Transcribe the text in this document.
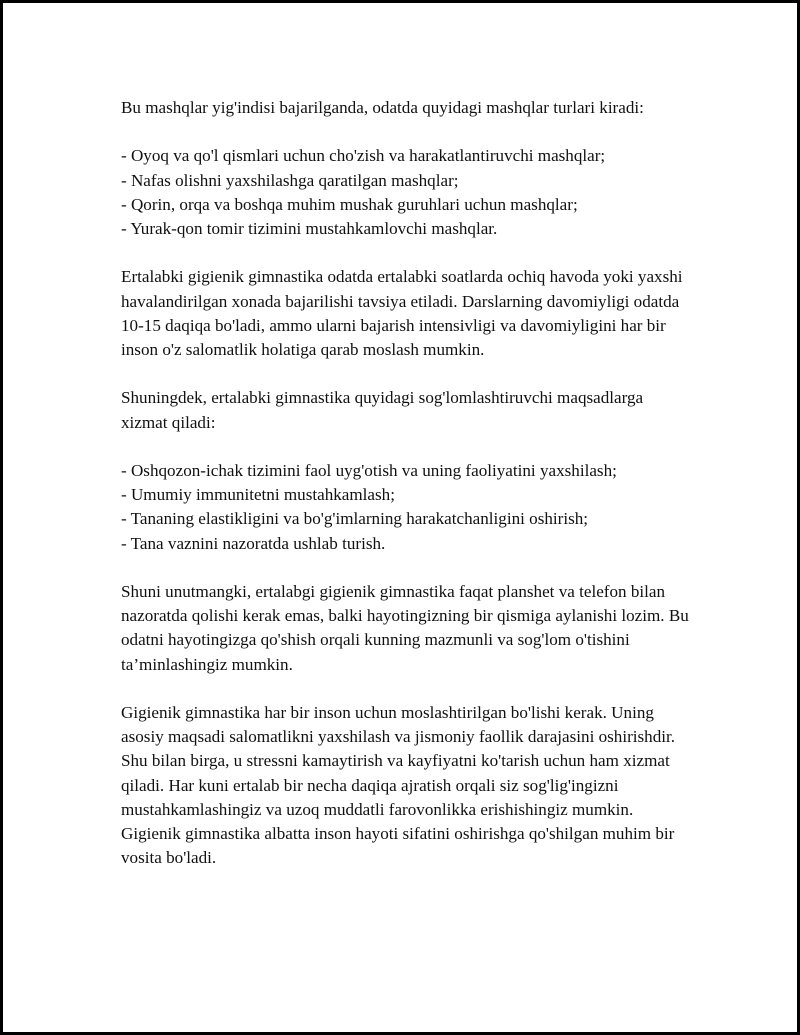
Bu mashqlar yig'indisi bajarilganda, odatda quyidagi mashqlar turlari kiradi:

- Oyoq va qo'l qismlari uchun cho'zish va harakatlantiruvchi mashqlar;
- Nafas olishni yaxshilashga qaratilgan mashqlar;
- Qorin, orqa va boshqa muhim mushak guruhlari uchun mashqlar;
- Yurak-qon tomir tizimini mustahkamlovchi mashqlar.

Ertalabki gigienik gimnastika odatda ertalabki soatlarda ochiq havoda yoki yaxshi havalandirilgan xonada bajarilishi tavsiya etiladi. Darslarning davomiyligi odatda 10-15 daqiqa bo'ladi, ammo ularni bajarish intensivligi va davomiyligini har bir inson o'z salomatlik holatiga qarab moslash mumkin.

Shuningdek, ertalabki gimnastika quyidagi sog'lomlashtiruvchi maqsadlarga xizmat qiladi:

- Oshqozon-ichak tizimini faol uyg'otish va uning faoliyatini yaxshilash;
- Umumiy immunitetni mustahkamlash;
- Tananing elastikligini va bo'g'imlarning harakatchanligini oshirish;
- Tana vaznini nazoratda ushlab turish.

Shuni unutmangki, ertalabgi gigienik gimnastika faqat planshet va telefon bilan nazoratda qolishi kerak emas, balki hayotingizning bir qismiga aylanishi lozim. Bu odatni hayotingizga qo'shish orqali kunning mazmunli va sog'lom o'tishini ta’minlashingiz mumkin.

Gigienik gimnastika har bir inson uchun moslashtirilgan bo'lishi kerak. Uning asosiy maqsadi salomatlikni yaxshilash va jismoniy faollik darajasini oshirishdir. Shu bilan birga, u stressni kamaytirish va kayfiyatni ko'tarish uchun ham xizmat qiladi. Har kuni ertalab bir necha daqiqa ajratish orqali siz sog'lig'ingizni mustahkamlashingiz va uzoq muddatli farovonlikka erishishingiz mumkin. Gigienik gimnastika albatta inson hayoti sifatini oshirishga qo'shilgan muhim bir vosita bo'ladi.
